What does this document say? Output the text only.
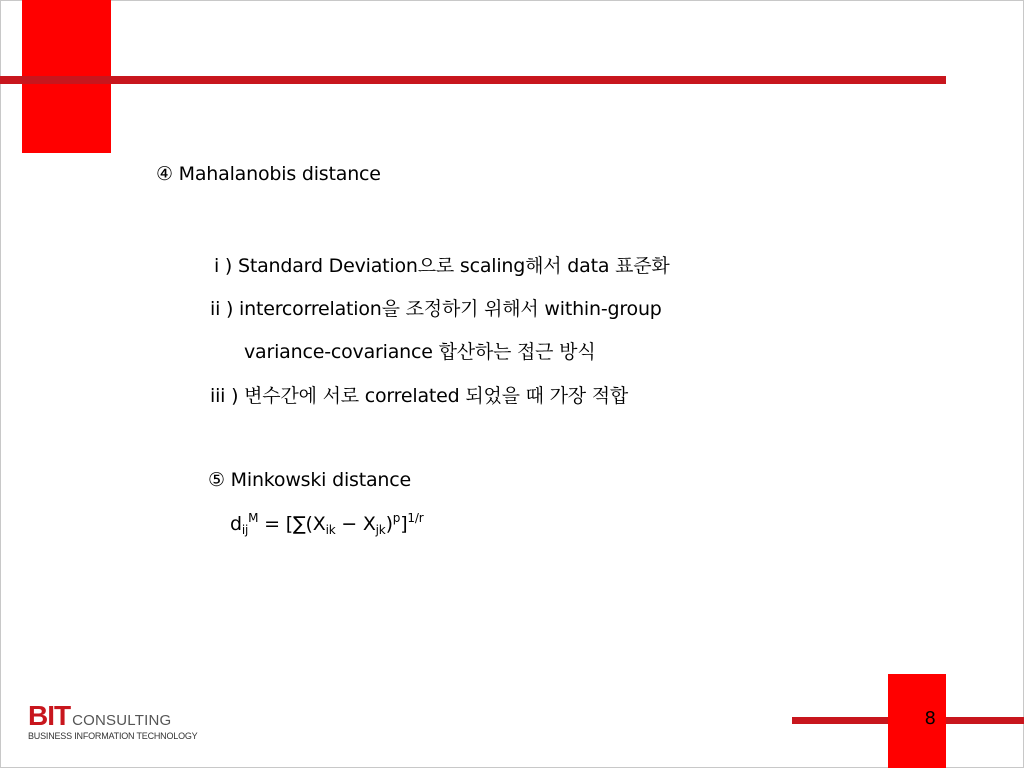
④ Mahalanobis distance
i ) Standard Deviation으로 scaling해서 data 표준화
ii ) intercorrelation을 조정하기 위해서 within-group
variance-covariance 합산하는 접근 방식
iii ) 변수간에 서로 correlated 되었을 때 가장 적합
⑤ Minkowski distance
$d_{ij}^M = [\sum(X_{ik} - X_{jk})^p]^{1/r}$
BIT CONSULTING
BUSINESS INFORMATION TECHNOLOGY
8
